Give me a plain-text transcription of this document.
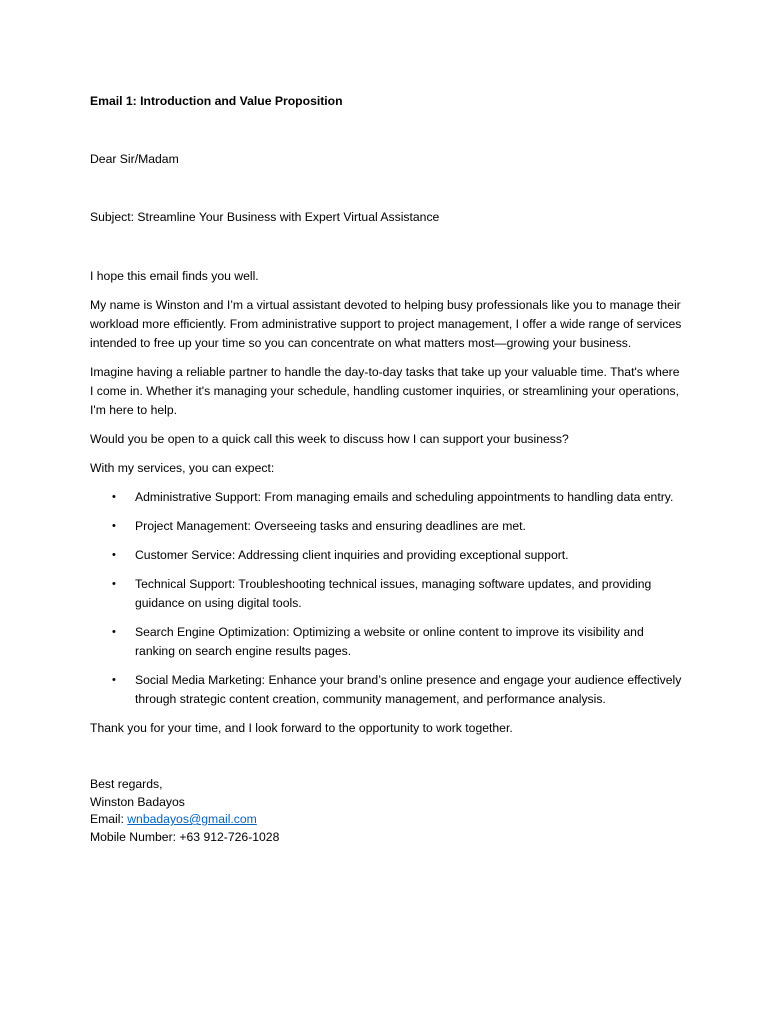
Email 1: Introduction and Value Proposition

Dear Sir/Madam

Subject: Streamline Your Business with Expert Virtual Assistance

I hope this email finds you well.

My name is Winston and I’m a virtual assistant devoted to helping busy professionals like you to manage their workload more efficiently. From administrative support to project management, I offer a wide range of services intended to free up your time so you can concentrate on what matters most—growing your business.

Imagine having a reliable partner to handle the day-to-day tasks that take up your valuable time. That's where I come in. Whether it's managing your schedule, handling customer inquiries, or streamlining your operations, I'm here to help.

Would you be open to a quick call this week to discuss how I can support your business?

With my services, you can expect:

• Administrative Support: From managing emails and scheduling appointments to handling data entry.
• Project Management: Overseeing tasks and ensuring deadlines are met.
• Customer Service: Addressing client inquiries and providing exceptional support.
• Technical Support: Troubleshooting technical issues, managing software updates, and providing guidance on using digital tools.
• Search Engine Optimization: Optimizing a website or online content to improve its visibility and ranking on search engine results pages.
• Social Media Marketing: Enhance your brand’s online presence and engage your audience effectively through strategic content creation, community management, and performance analysis.

Thank you for your time, and I look forward to the opportunity to work together.

Best regards,

Winston Badayos

Email: wnbadayos@gmail.com

Mobile Number: +63 912-726-1028
